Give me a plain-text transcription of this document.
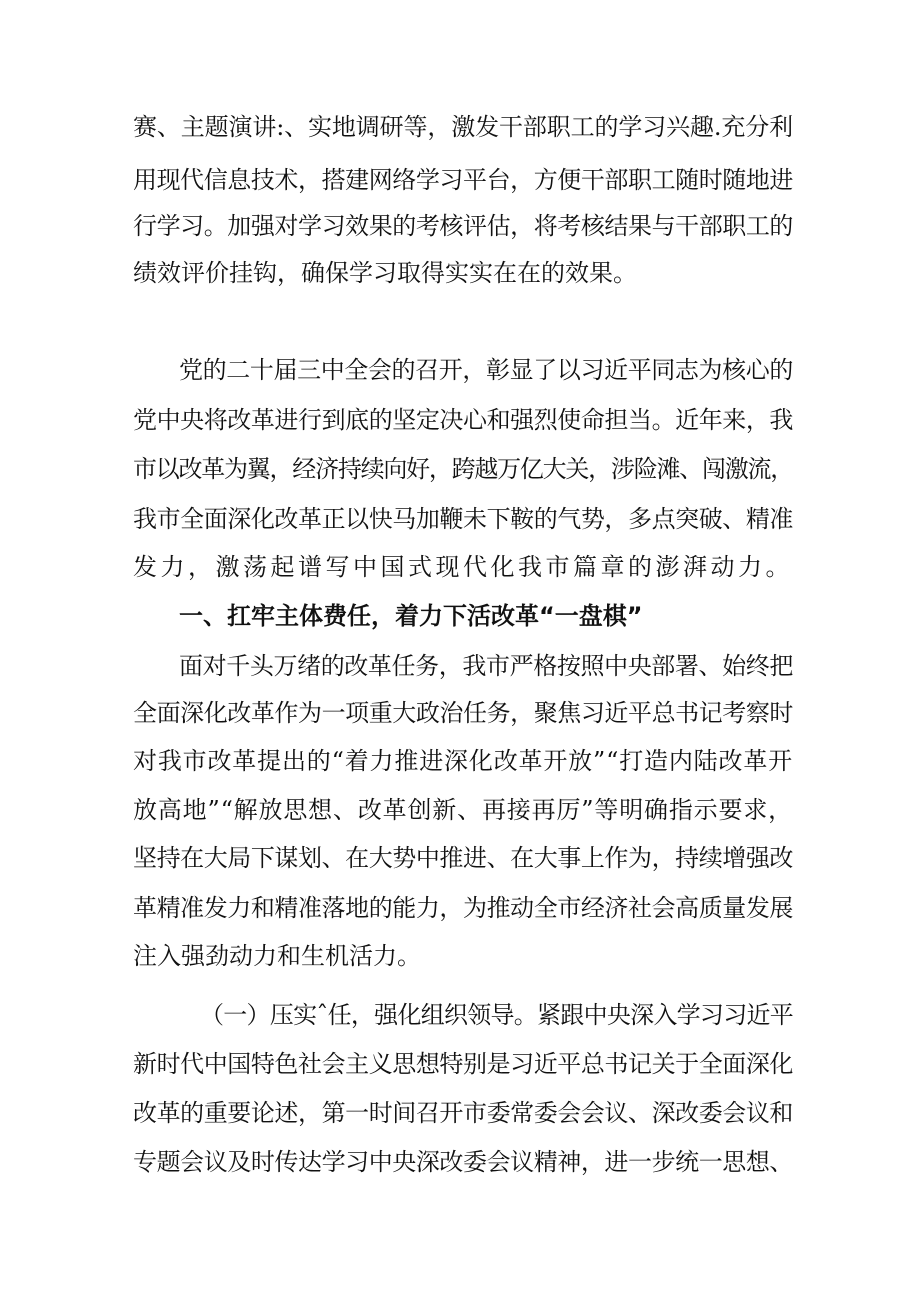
赛、主题演讲:、实地调研等，激发干部职工的学习兴趣.充分利
用现代信息技术，搭建网络学习平台，方便干部职工随时随地进
行学习。加强对学习效果的考核评估，将考核结果与干部职工的
绩效评价挂钩，确保学习取得实实在在的效果。
党的二十届三中全会的召开，彰显了以习近平同志为核心的
党中央将改革进行到底的坚定决心和强烈使命担当。近年来，我
市以改革为翼，经济持续向好，跨越万亿大关，涉险滩、闯激流，
我市全面深化改革正以快马加鞭未下鞍的气势，多点突破、精准
发力，激荡起谱写中国式现代化我市篇章的澎湃动力。
一、扛牢主体费任，着力下活改革“一盘棋”
面对千头万绪的改革任务，我市严格按照中央部署、始终把
全面深化改革作为一项重大政治任务，聚焦习近平总书记考察时
对我市改革提出的“着力推进深化改革开放”“打造内陆改革开
放高地”“解放思想、改革创新、再接再厉”等明确指示要求，
坚持在大局下谋划、在大势中推进、在大事上作为，持续增强改
革精准发力和精准落地的能力，为推动全市经济社会高质量发展
注入强劲动力和生机活力。
（一）压实ˆ任，强化组织领导。紧跟中央深入学习习近平
新时代中国特色社会主义思想特别是习近平总书记关于全面深化
改革的重要论述，第一时间召开市委常委会会议、深改委会议和
专题会议及时传达学习中央深改委会议精神，进一步统一思想、
